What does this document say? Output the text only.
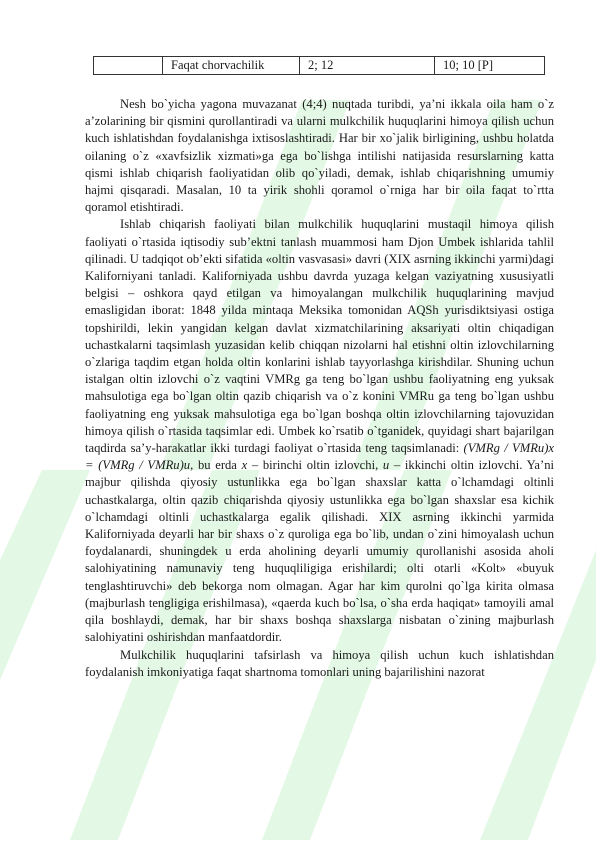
	Faqat chorvachilik	2; 12	10; 10 [P]

Nesh bo`yicha yagona muvazanat (4;4) nuqtada turibdi, ya’ni ikkala oila ham o`z a’zolarining bir qismini qurollantiradi va ularni mulkchilik huquqlarini himoya qilish uchun kuch ishlatishdan foydalanishga ixtisoslashtiradi. Har bir xo`jalik birligining, ushbu holatda oilaning o`z «xavfsizlik xizmati»ga ega bo`lishga intilishi natijasida resurslarning katta qismi ishlab chiqarish faoliyatidan olib qo`yiladi, demak, ishlab chiqarishning umumiy hajmi qisqaradi. Masalan, 10 ta yirik shohli qoramol o`rniga har bir oila faqat to`rtta qoramol etishtiradi.

Ishlab chiqarish faoliyati bilan mulkchilik huquqlarini mustaqil himoya qilish faoliyati o`rtasida iqtisodiy sub’ektni tanlash muammosi ham Djon Umbek ishlarida tahlil qilinadi. U tadqiqot ob’ekti sifatida «oltin vasvasasi» davri (XIX asrning ikkinchi yarmi)dagi Kaliforniyani tanladi. Kaliforniyada ushbu davrda yuzaga kelgan vaziyatning xususiyatli belgisi – oshkora qayd etilgan va himoyalangan mulkchilik huquqlarining mavjud emasligidan iborat: 1848 yilda mintaqa Meksika tomonidan AQSh yurisdiktsiyasi ostiga topshirildi, lekin yangidan kelgan davlat xizmatchilarining aksariyati oltin chiqadigan uchastkalarni taqsimlash yuzasidan kelib chiqqan nizolarni hal etishni oltin izlovchilarning o`zlariga taqdim etgan holda oltin konlarini ishlab tayyorlashga kirishdilar. Shuning uchun istalgan oltin izlovchi o`z vaqtini VMRg ga teng bo`lgan ushbu faoliyatning eng yuksak mahsulotiga ega bo`lgan oltin qazib chiqarish va o`z konini VMRu ga teng bo`lgan ushbu faoliyatning eng yuksak mahsulotiga ega bo`lgan boshqa oltin izlovchilarning tajovuzidan himoya qilish o`rtasida taqsimlar edi. Umbek ko`rsatib o`tganidek, quyidagi shart bajarilgan taqdirda sa’y-harakatlar ikki turdagi faoliyat o`rtasida teng taqsimlanadi: (VMRg / VMRu)x = (VMRg / VMRu)u, bu erda x – birinchi oltin izlovchi, u – ikkinchi oltin izlovchi. Ya’ni majbur qilishda qiyosiy ustunlikka ega bo`lgan shaxslar katta o`lchamdagi oltinli uchastkalarga, oltin qazib chiqarishda qiyosiy ustunlikka ega bo`lgan shaxslar esa kichik o`lchamdagi oltinli uchastkalarga egalik qilishadi. XIX asrning ikkinchi yarmida Kaliforniyada deyarli har bir shaxs o`z quroliga ega bo`lib, undan o`zini himoyalash uchun foydalanardi, shuningdek u erda aholining deyarli umumiy qurollanishi asosida aholi salohiyatining namunaviy teng huquqliligiga erishilardi; olti otarli «Kolt» «buyuk tenglashtiruvchi» deb bekorga nom olmagan. Agar har kim qurolni qo`lga kirita olmasa (majburlash tengligiga erishilmasa), «qaerda kuch bo`lsa, o`sha erda haqiqat» tamoyili amal qila boshlaydi, demak, har bir shaxs boshqa shaxslarga nisbatan o`zining majburlash salohiyatini oshirishdan manfaatdordir.

Mulkchilik huquqlarini tafsirlash va himoya qilish uchun kuch ishlatishdan foydalanish imkoniyatiga faqat shartnoma tomonlari uning bajarilishini nazorat
